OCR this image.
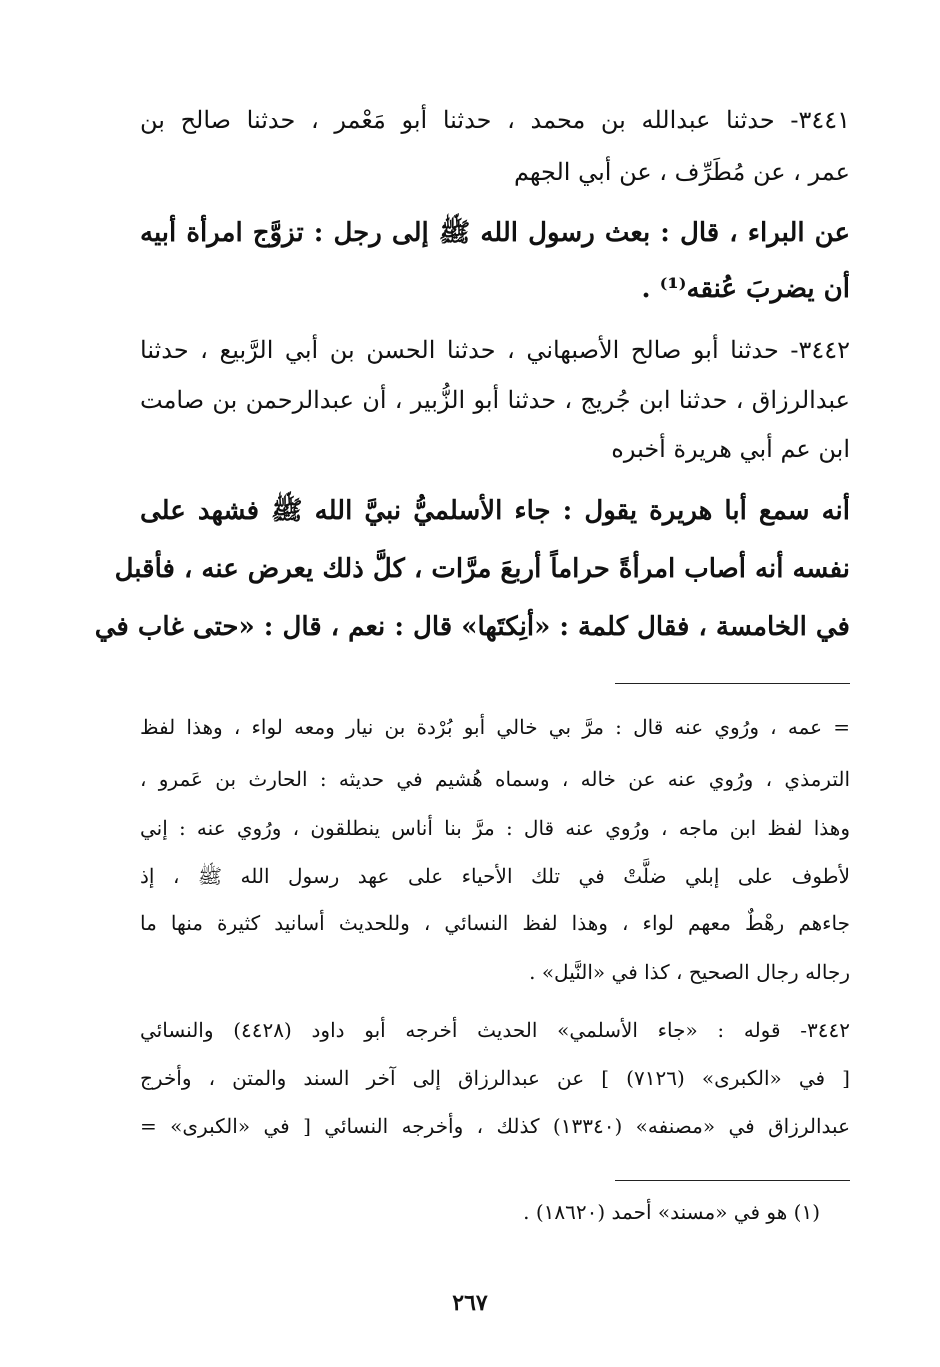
٣٤٤١- حدثنا عبدالله بن محمد ، حدثنا أبو مَعْمر ، حدثنا صالح بن
عمر ، عن مُطَرِّف ، عن أبي الجهم
عن البراء ، قال : بعث رسول الله ﷺ إلى رجل : تزوَّج امرأة أبيه
أن يضربَ عُنقه⁽¹⁾ .
٣٤٤٢- حدثنا أبو صالح الأصبهاني ، حدثنا الحسن بن أبي الرَّبيع ، حدثنا
عبدالرزاق ، حدثنا ابن جُريج ، حدثنا أبو الزُّبير ، أن عبدالرحمن بن صامت
ابن عم أبي هريرة أخبره
أنه سمع أبا هريرة يقول : جاء الأسلميُّ نبيَّ الله ﷺ فشهد على
نفسه أنه أصاب امرأةً حراماً أربعَ مرَّات ، كلَّ ذلك يعرض عنه ، فأقبل
في الخامسة ، فقال كلمة : «أنِكتَها» قال : نعم ، قال : «حتى غاب في
= عمه ، ورُوي عنه قال : مرَّ بي خالي أبو بُرْدة بن نيار ومعه لواء ، وهذا لفظ
الترمذي ، ورُوي عنه عن خاله ، وسماه هُشيم في حديثه : الحارث بن عَمرو ،
وهذا لفظ ابن ماجه ، ورُوي عنه قال : مرَّ بنا أناس ينطلقون ، ورُوي عنه : إني
لأطوف على إبلي ضلَّتْ في تلك الأحياء على عهد رسول الله ﷺ ، إذ
جاءهم رهْطٌ معهم لواء ، وهذا لفظ النسائي ، وللحديث أسانيد كثيرة منها ما
رجاله رجال الصحيح ، كذا في «النَّيل» .
٣٤٤٢- قوله : «جاء الأسلمي» الحديث أخرجه أبو داود (٤٤٢٨) والنسائي
[ في «الكبرى» (٧١٢٦) ] عن عبدالرزاق إلى آخر السند والمتن ، وأخرج
عبدالرزاق في «مصنفه» (١٣٣٤٠) كذلك ، وأخرجه النسائي [ في «الكبرى» =
(١) هو في «مسند» أحمد (١٨٦٢٠) .
٢٦٧
